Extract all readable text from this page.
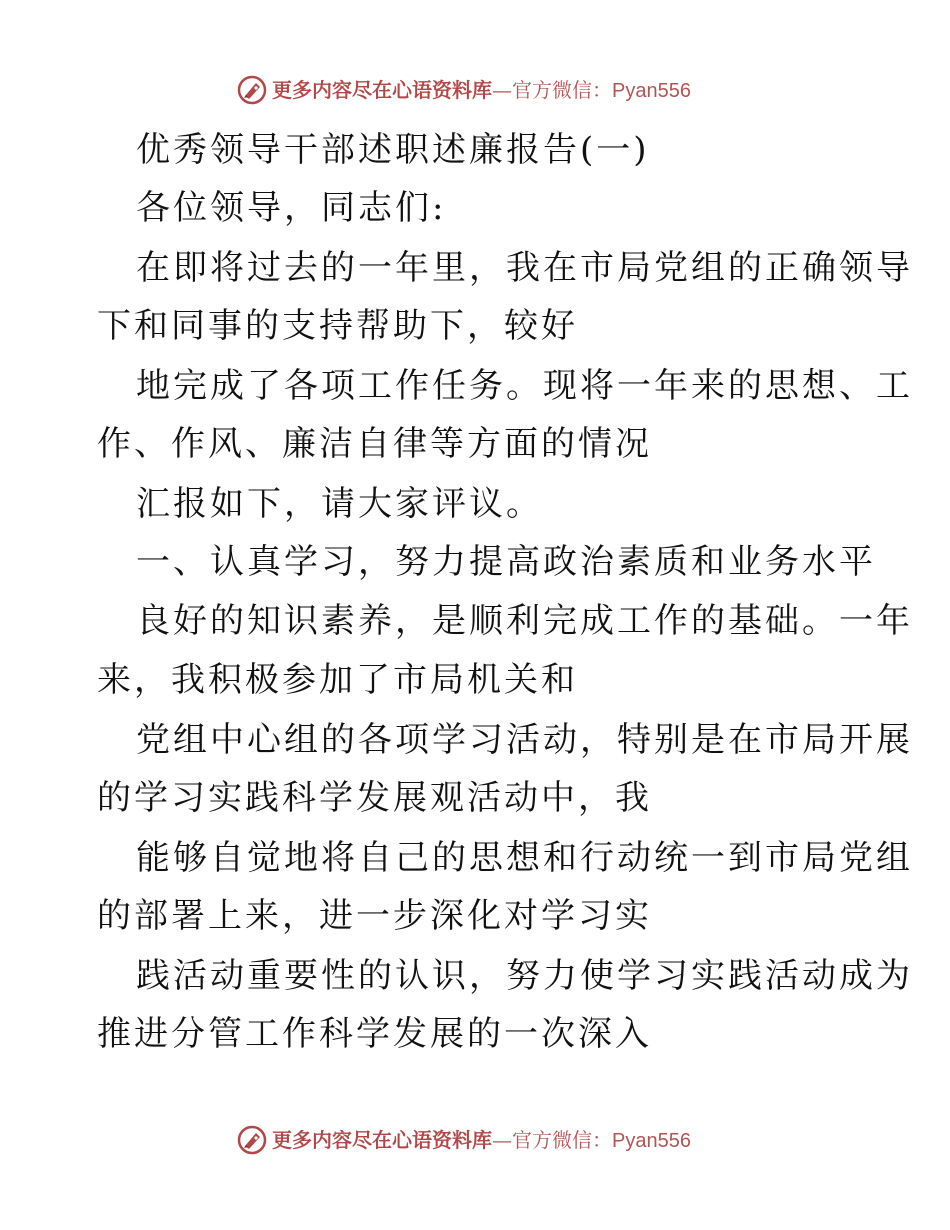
更多内容尽在心语资料库—官方微信：Pyan556
优秀领导干部述职述廉报告(一)
各位领导，同志们:
在即将过去的一年里，我在市局党组的正确领导
下和同事的支持帮助下，较好
地完成了各项工作任务。现将一年来的思想、工
作、作风、廉洁自律等方面的情况
汇报如下，请大家评议。
一、认真学习，努力提高政治素质和业务水平
良好的知识素养，是顺利完成工作的基础。一年
来，我积极参加了市局机关和
党组中心组的各项学习活动，特别是在市局开展
的学习实践科学发展观活动中，我
能够自觉地将自己的思想和行动统一到市局党组
的部署上来，进一步深化对学习实
践活动重要性的认识，努力使学习实践活动成为
推进分管工作科学发展的一次深入
更多内容尽在心语资料库—官方微信：Pyan556
